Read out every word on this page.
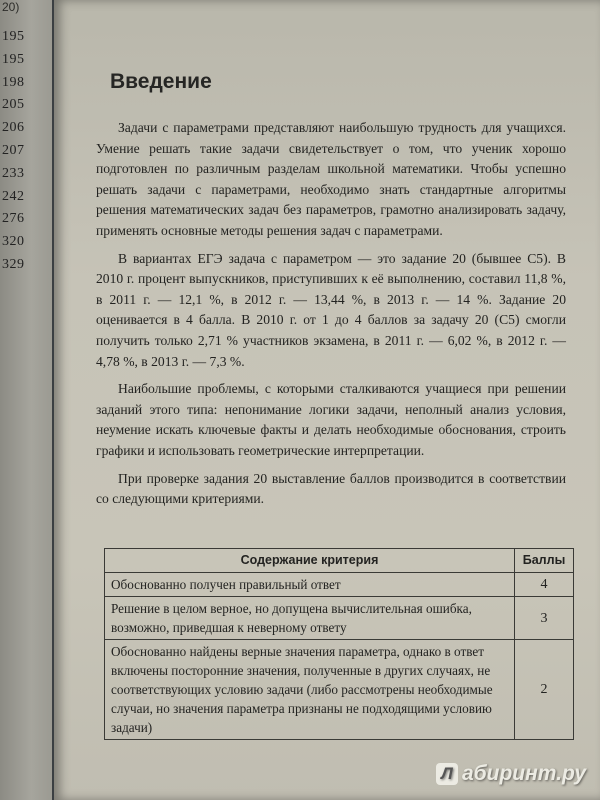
20)
195
195
198
205
206
207
233
242
276
320
329
Введение

Задачи с параметрами представляют наибольшую трудность для учащихся. Умение решать такие задачи свидетельствует о том, что ученик хорошо подготовлен по различным разделам школьной математики. Чтобы успешно решать задачи с параметрами, необходимо знать стандартные алгоритмы решения математических задач без параметров, грамотно анализировать задачу, применять основные методы решения задач с параметрами.

В вариантах ЕГЭ задача с параметром — это задание 20 (бывшее С5). В 2010 г. процент выпускников, приступивших к её выполнению, составил 11,8 %, в 2011 г. — 12,1 %, в 2012 г. — 13,44 %, в 2013 г. — 14 %. Задание 20 оценивается в 4 балла. В 2010 г. от 1 до 4 баллов за задачу 20 (С5) смогли получить только 2,71 % участников экзамена, в 2011 г. — 6,02 %, в 2012 г. — 4,78 %, в 2013 г. — 7,3 %.

Наибольшие проблемы, с которыми сталкиваются учащиеся при решении заданий этого типа: непонимание логики задачи, неполный анализ условия, неумение искать ключевые факты и делать необходимые обоснования, строить графики и использовать геометрические интерпретации.

При проверке задания 20 выставление баллов производится в соответствии со следующими критериями.

Содержание критерия	Баллы
Обоснованно получен правильный ответ	4
Решение в целом верное, но допущена вычислительная ошибка, возможно, приведшая к неверному ответу	3
Обоснованно найдены верные значения параметра, однако в ответ включены посторонние значения, полученные в других случаях, не соответствующих условию задачи (либо рассмотрены необходимые случаи, но значения параметра признаны не подходящими условию задачи)	2
Л абиринт.ру
